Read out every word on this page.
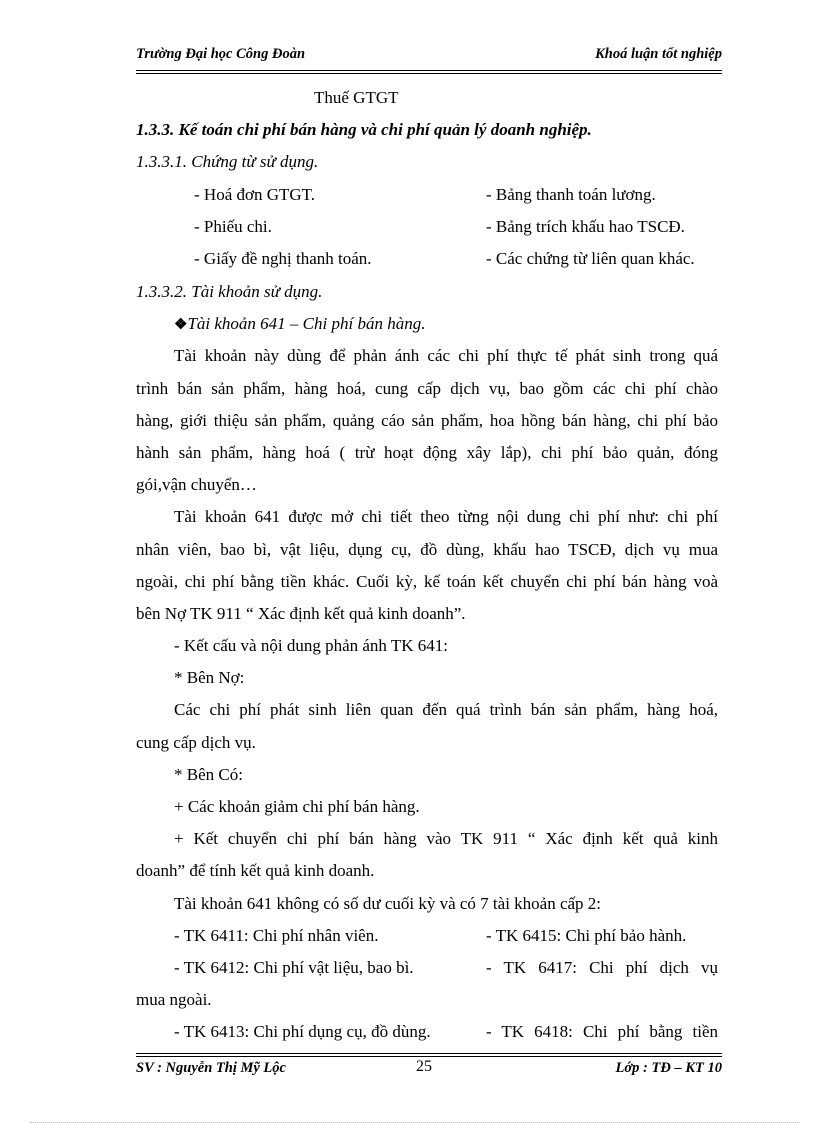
Trường Đại học Công Đoàn	Khoá luận tốt nghiệp
Thuế GTGT
1.3.3. Kế toán chi phí bán hàng và chi phí quản lý doanh nghiệp.
1.3.3.1. Chứng từ sử dụng.
- Hoá đơn GTGT.	- Bảng thanh toán lương.
- Phiếu chi.	- Bảng trích khấu hao TSCĐ.
- Giấy đề nghị thanh toán.	- Các chứng từ liên quan khác.
1.3.3.2. Tài khoản sử dụng.
❖Tài khoản 641 – Chi phí bán hàng.
Tài khoản này dùng để phản ánh các chi phí thực tế phát sinh trong quá
trình bán sản phẩm, hàng hoá, cung cấp dịch vụ, bao gồm các chi phí chào
hàng, giới thiệu sản phẩm, quảng cáo sản phẩm, hoa hồng bán hàng, chi phí bảo
hành sản phẩm, hàng hoá ( trừ hoạt động xây lắp), chi phí bảo quản, đóng
gói,vận chuyển…
Tài khoản 641 được mở chi tiết theo từng nội dung chi phí như: chi phí
nhân viên, bao bì, vật liệu, dụng cụ, đồ dùng, khấu hao TSCĐ, dịch vụ mua
ngoài, chi phí bằng tiền khác. Cuối kỳ, kế toán kết chuyển chi phí bán hàng voà
bên Nợ TK 911 “ Xác định kết quả kinh doanh”.
- Kết cấu và nội dung phản ánh TK 641:
* Bên Nợ:
Các chi phí phát sinh liên quan đến quá trình bán sản phẩm, hàng hoá,
cung cấp dịch vụ.
* Bên Có:
+ Các khoản giảm chi phí bán hàng.
+ Kết chuyển chi phí bán hàng vào TK 911 “ Xác định kết quả kinh
doanh” để tính kết quả kinh doanh.
Tài khoản 641 không có số dư cuối kỳ và có 7 tài khoản cấp 2:
- TK 6411: Chi phí nhân viên.	- TK 6415: Chi phí bảo hành.
- TK 6412: Chi phí vật liệu, bao bì.	- TK 6417: Chi phí dịch vụ
mua ngoài.
- TK 6413: Chi phí dụng cụ, đồ dùng.	- TK 6418: Chi phí bằng tiền
SV : Nguyễn Thị Mỹ Lộc	25	Lớp : TĐ – KT 10
